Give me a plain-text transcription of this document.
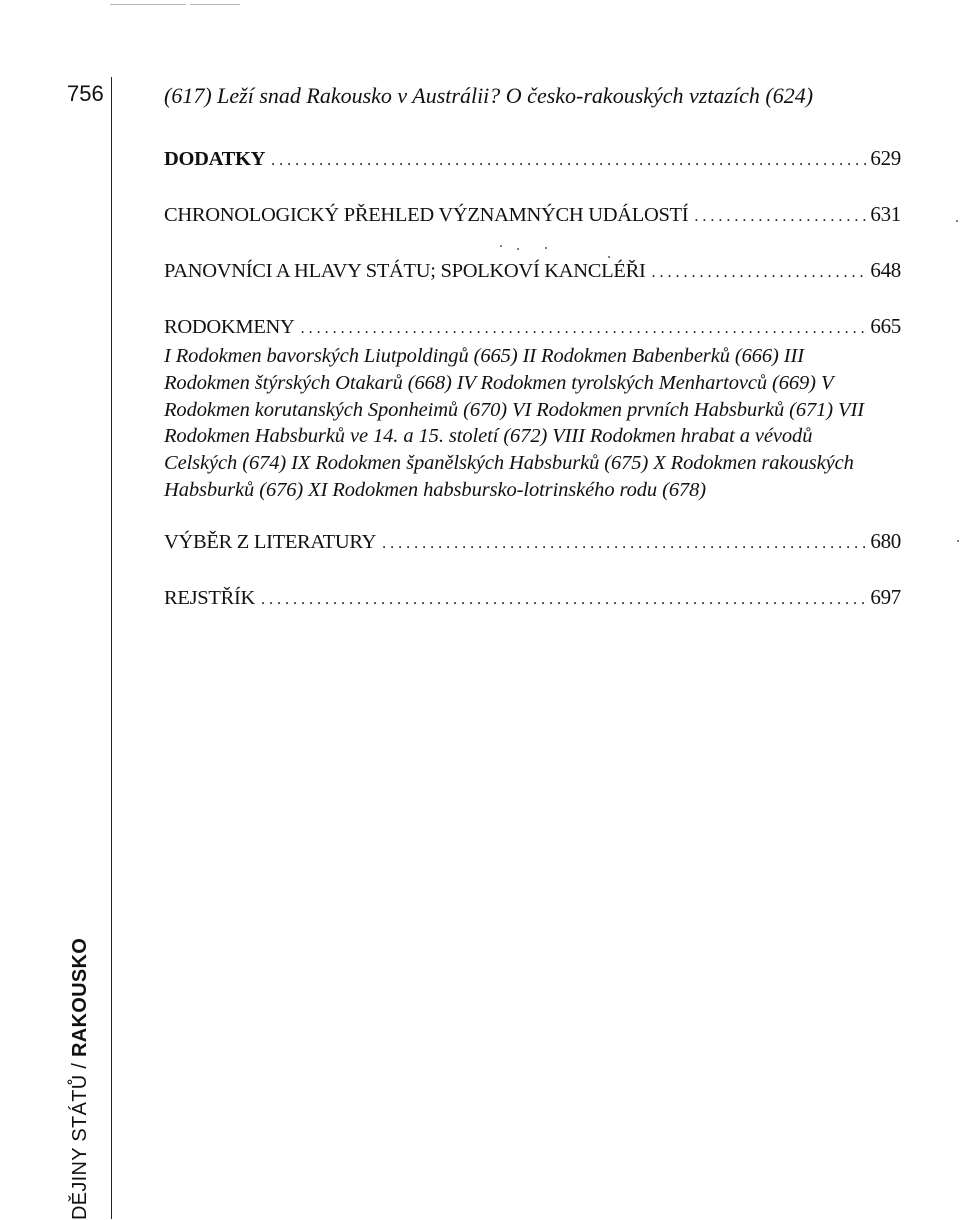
756
DĚJINY STÁTŮ / RAKOUSKO
(617) Leží snad Rakousko v Austrálii? O česko-rakouských vztazích (624)
DODATKY . . .	629
CHRONOLOGICKÝ PŘEHLED VÝZNAMNÝCH UDÁLOSTÍ . . .	631
PANOVNÍCI A HLAVY STÁTU; SPOLKOVÍ KANCLÉŘI . . .	648
RODOKMENY . . .	665
I Rodokmen bavorských Liutpoldingů (665) II Rodokmen Babenberků (666) III Rodokmen štýrských Otakarů (668) IV Rodokmen tyrolských Menhartovců (669) V Rodokmen korutanských Sponheimů (670) VI Rodokmen prvních Habsburků (671) VII Rodokmen Habsburků ve 14. a 15. století (672) VIII Rodokmen hrabat a vévodů Celských (674) IX Rodokmen španělských Habsburků (675) X Rodokmen rakouských Habsburků (676) XI Rodokmen habsbursko-lotrinského rodu (678)
VÝBĚR Z LITERATURY . . .	680
REJSTŘÍK . . .	697
